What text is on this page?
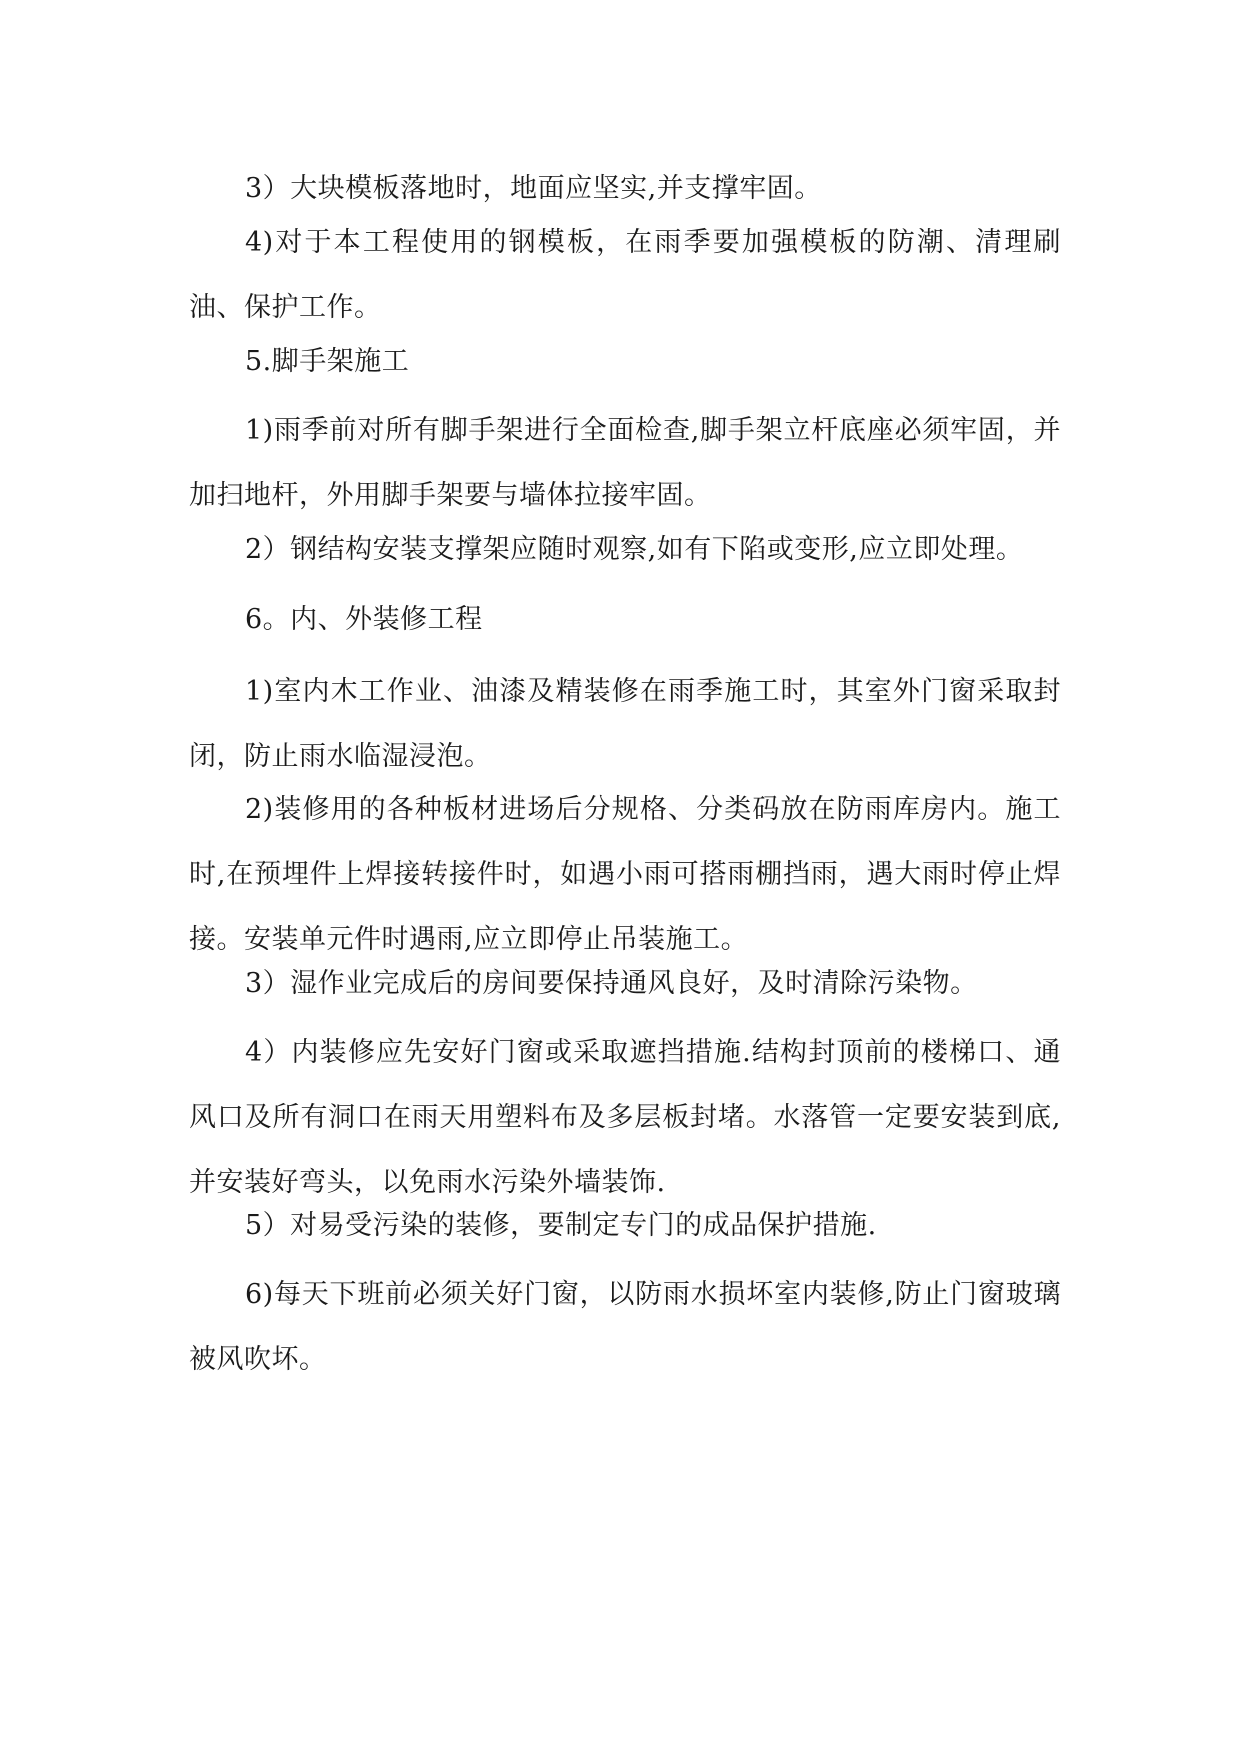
3）大块模板落地时，地面应坚实,并支撑牢固。

4)对于本工程使用的钢模板，在雨季要加强模板的防潮、清理刷油、保护工作。

5.脚手架施工

1)雨季前对所有脚手架进行全面检查,脚手架立杆底座必须牢固，并加扫地杆，外用脚手架要与墙体拉接牢固。

2）钢结构安装支撑架应随时观察,如有下陷或变形,应立即处理。

6。内、外装修工程

1)室内木工作业、油漆及精装修在雨季施工时，其室外门窗采取封闭，防止雨水临湿浸泡。

2)装修用的各种板材进场后分规格、分类码放在防雨库房内。施工时,在预埋件上焊接转接件时，如遇小雨可搭雨棚挡雨，遇大雨时停止焊接。安装单元件时遇雨,应立即停止吊装施工。

3）湿作业完成后的房间要保持通风良好，及时清除污染物。

4）内装修应先安好门窗或采取遮挡措施.结构封顶前的楼梯口、通风口及所有洞口在雨天用塑料布及多层板封堵。水落管一定要安装到底,并安装好弯头，以免雨水污染外墙装饰.

5）对易受污染的装修，要制定专门的成品保护措施.

6)每天下班前必须关好门窗，以防雨水损坏室内装修,防止门窗玻璃被风吹坏。
